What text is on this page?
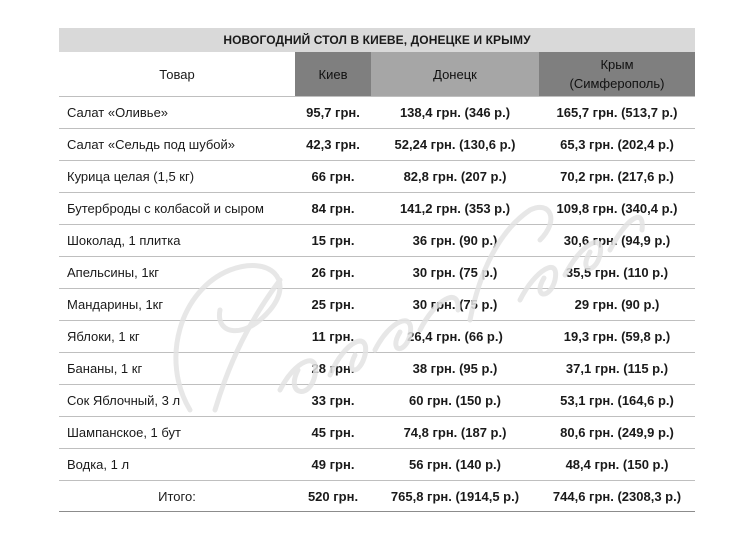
НОВОГОДНИЙ СТОЛ В КИЕВЕ, ДОНЕЦКЕ И КРЫМУ
Товар	Киев	Донецк	Крым
(Симферополь)
Салат «Оливье»	95,7 грн.	138,4 грн. (346 р.)	165,7 грн. (513,7 р.)
Салат «Сельдь под шубой»	42,3 грн.	52,24 грн. (130,6 р.)	65,3 грн. (202,4 р.)
Курица целая (1,5 кг)	66 грн.	82,8 грн. (207 р.)	70,2 грн. (217,6 р.)
Бутерброды с колбасой и сыром	84 грн.	141,2 грн. (353 р.)	109,8 грн. (340,4 р.)
Шоколад, 1 плитка	15 грн.	36 грн. (90 р.)	30,6 грн. (94,9 р.)
Апельсины, 1кг	26 грн.	30 грн. (75 р.)	35,5 грн. (110 р.)
Мандарины, 1кг	25 грн.	30 грн. (75 р.)	29 грн. (90 р.)
Яблоки, 1 кг	11 грн.	26,4 грн. (66 р.)	19,3 грн. (59,8 р.)
Бананы, 1 кг	28 грн.	38 грн. (95 р.)	37,1 грн. (115 р.)
Сок Яблочный, 3 л	33 грн.	60 грн. (150 р.)	53,1 грн. (164,6 р.)
Шампанское, 1 бут	45 грн.	74,8 грн. (187 р.)	80,6 грн. (249,9 р.)
Водка, 1 л	49 грн.	56 грн. (140 р.)	48,4 грн. (150 р.)
Итого:	520 грн.	765,8 грн. (1914,5 р.)	744,6 грн. (2308,3 р.)
